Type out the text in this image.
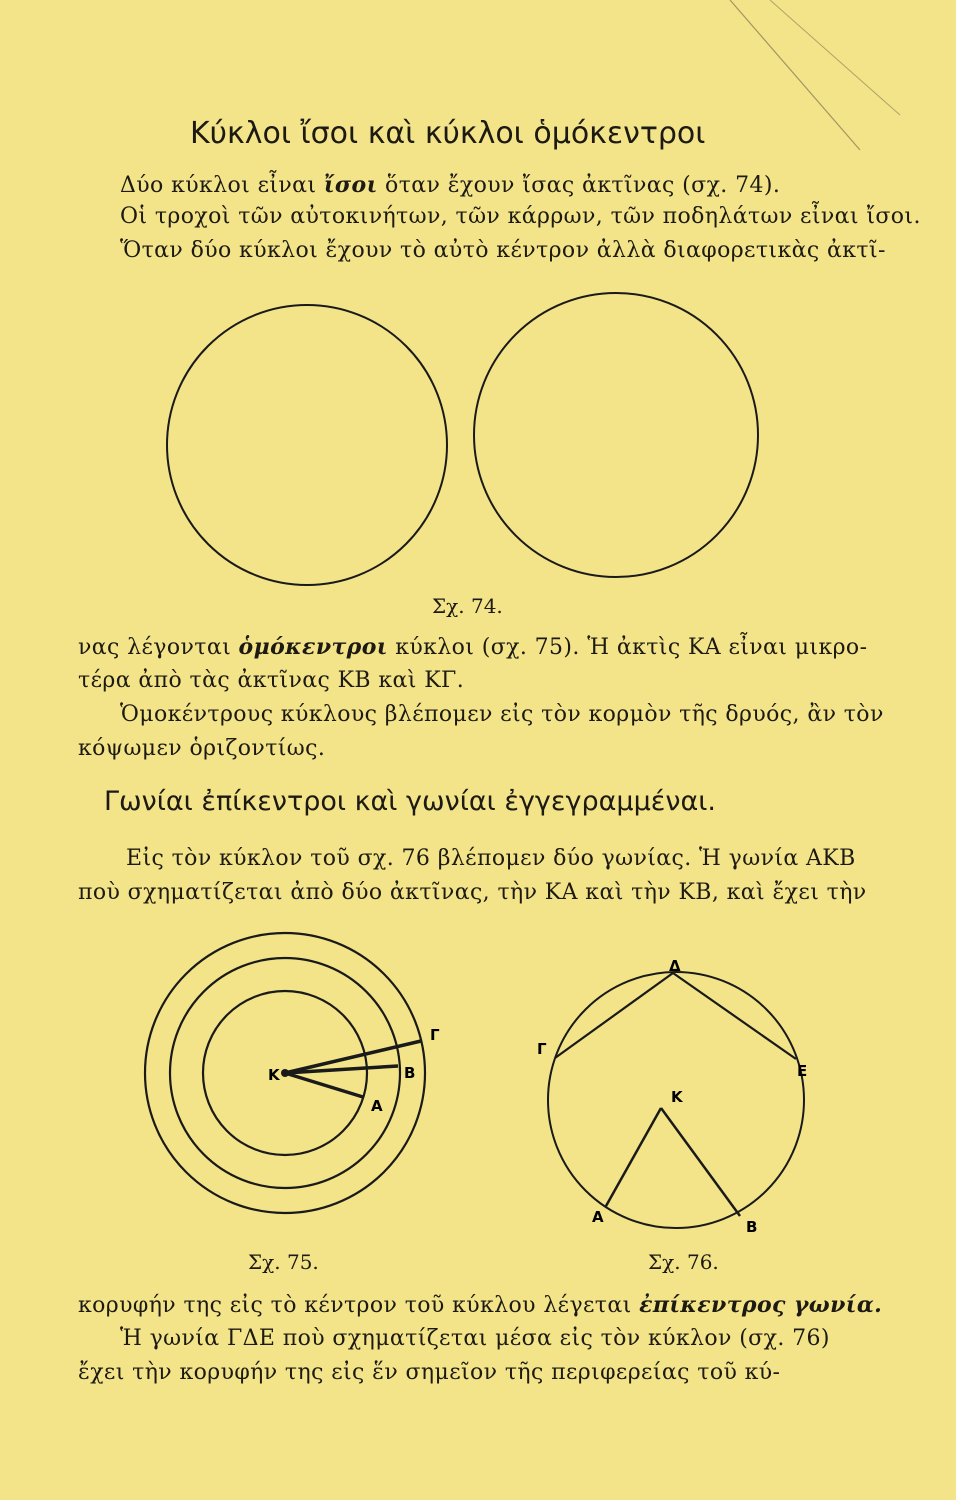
Κύκλοι ἴσοι καὶ κύκλοι ὁμόκεντροι
Δύο κύκλοι εἶναι ἴσοι ὅταν ἔχουν ἴσας ἀκτῖνας (σχ. 74).
Οἱ τροχοὶ τῶν αὐτοκινήτων, τῶν κάρρων, τῶν ποδηλάτων εἶναι ἴσοι.
Ὅταν δύο κύκλοι ἔχουν τὸ αὐτὸ κέντρον ἀλλὰ διαφορετικὰς ἀκτῖ-
Σχ. 74.
νας λέγονται ὁμόκεντροι κύκλοι (σχ. 75). Ἡ ἀκτὶς ΚΑ εἶναι μικρο-
τέρα ἀπὸ τὰς ἀκτῖνας ΚΒ καὶ ΚΓ.
Ὁμοκέντρους κύκλους βλέπομεν εἰς τὸν κορμὸν τῆς δρυός, ἂν τὸν
κόψωμεν ὁριζοντίως.
Γωνίαι ἐπίκεντροι καὶ γωνίαι ἐγγεγραμμέναι.
Εἰς τὸν κύκλον τοῦ σχ. 76 βλέπομεν δύο γωνίας. Ἡ γωνία ΑΚΒ
ποὺ σχηματίζεται ἀπὸ δύο ἀκτῖνας, τὴν ΚΑ καὶ τὴν ΚΒ, καὶ ἔχει τὴν
K
Γ
B
A
Σχ. 75.
Δ
Γ
E
K
A
B
Σχ. 76.
κορυφήν της εἰς τὸ κέντρον τοῦ κύκλου λέγεται ἐπίκεντρος γωνία.
Ἡ γωνία ΓΔΕ ποὺ σχηματίζεται μέσα εἰς τὸν κύκλον (σχ. 76)
ἔχει τὴν κορυφήν της εἰς ἕν σημεῖον τῆς περιφερείας τοῦ κύ-
